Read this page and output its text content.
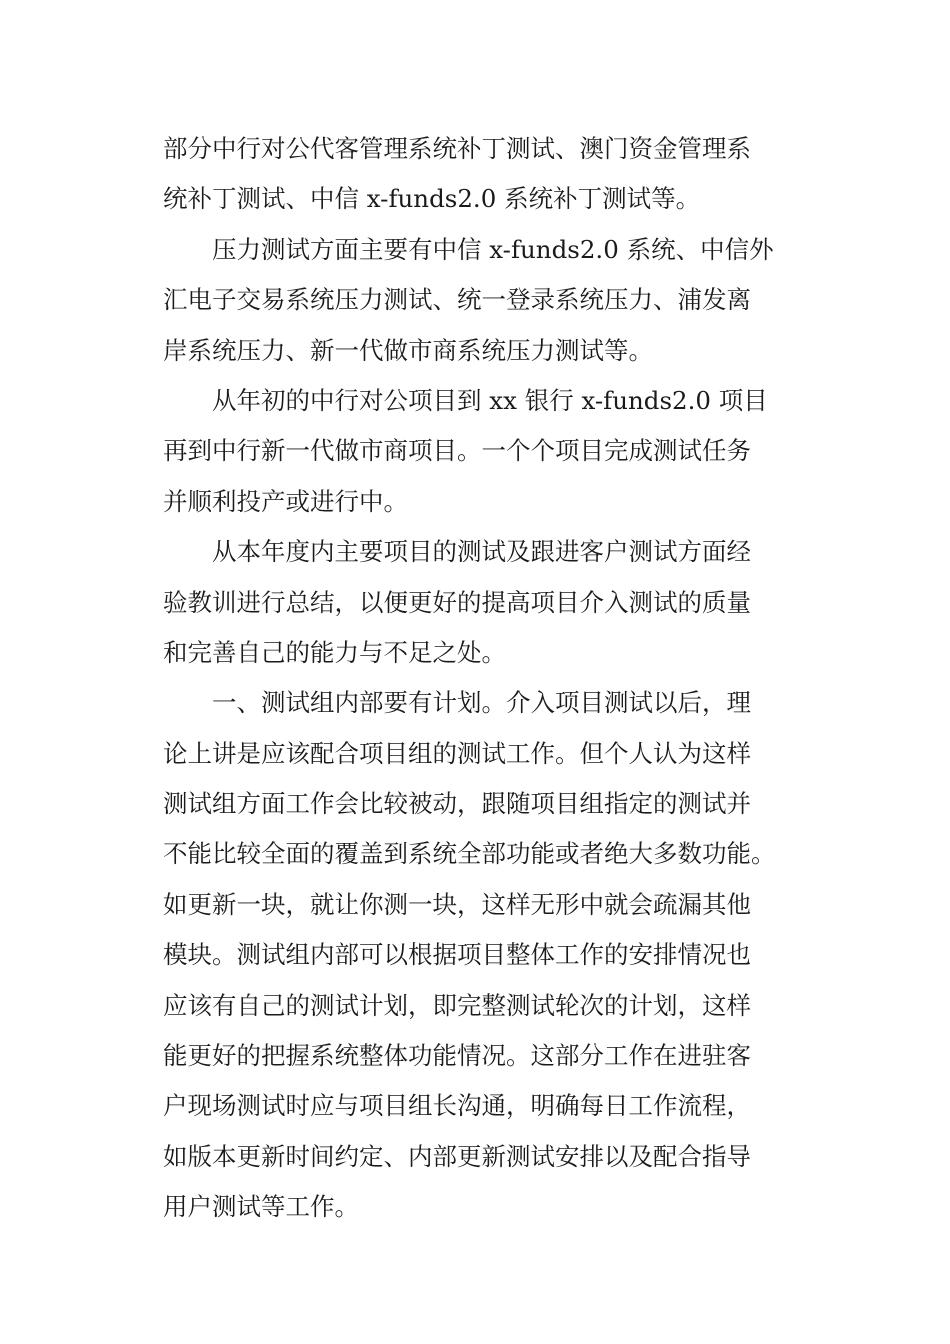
部分中行对公代客管理系统补丁测试、澳门资金管理系
统补丁测试、中信 x-funds2.0 系统补丁测试等。
压力测试方面主要有中信 x-funds2.0 系统、中信外
汇电子交易系统压力测试、统一登录系统压力、浦发离
岸系统压力、新一代做市商系统压力测试等。
从年初的中行对公项目到 xx 银行 x-funds2.0 项目
再到中行新一代做市商项目。一个个项目完成测试任务
并顺利投产或进行中。
从本年度内主要项目的测试及跟进客户测试方面经
验教训进行总结，以便更好的提高项目介入测试的质量
和完善自己的能力与不足之处。
一、测试组内部要有计划。介入项目测试以后，理
论上讲是应该配合项目组的测试工作。但个人认为这样
测试组方面工作会比较被动，跟随项目组指定的测试并
不能比较全面的覆盖到系统全部功能或者绝大多数功能。
如更新一块，就让你测一块，这样无形中就会疏漏其他
模块。测试组内部可以根据项目整体工作的安排情况也
应该有自己的测试计划，即完整测试轮次的计划，这样
能更好的把握系统整体功能情况。这部分工作在进驻客
户现场测试时应与项目组长沟通，明确每日工作流程，
如版本更新时间约定、内部更新测试安排以及配合指导
用户测试等工作。
